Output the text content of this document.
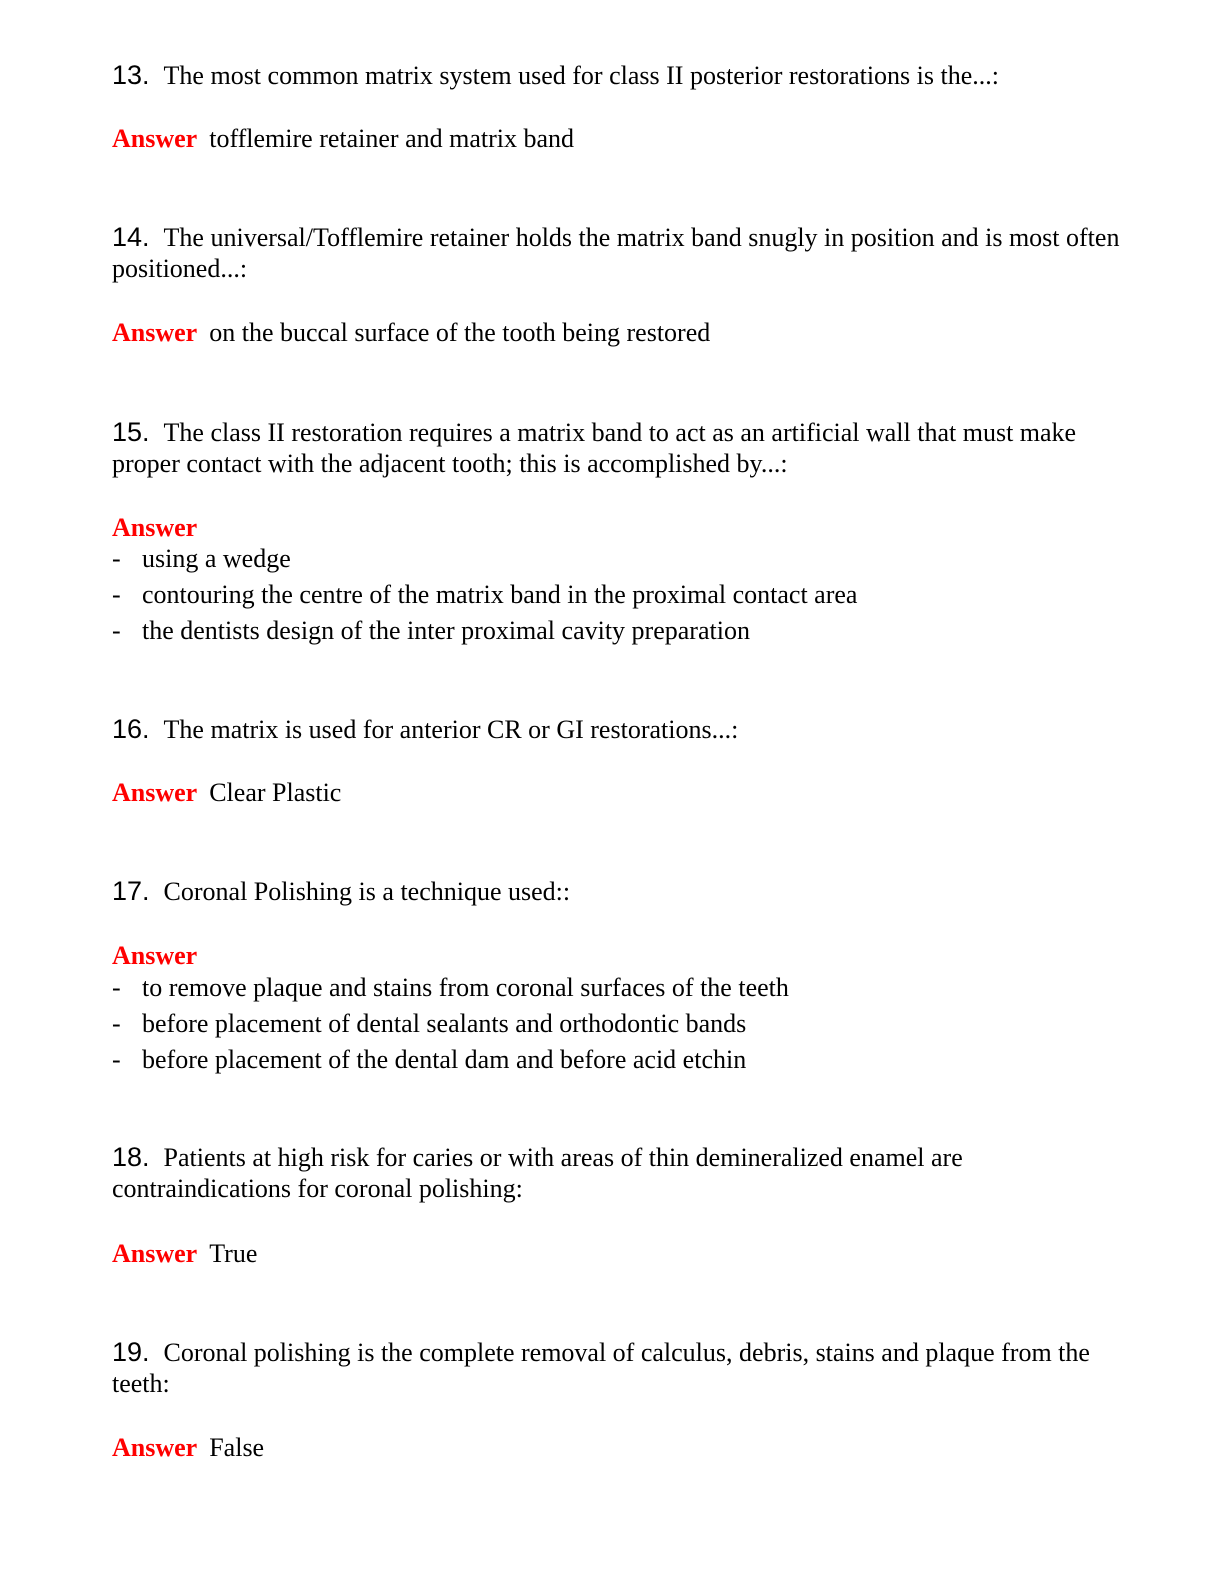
13. The most common matrix system used for class II posterior restorations is the...:

Answer tofflemire retainer and matrix band

14. The universal/Tofflemire retainer holds the matrix band snugly in position and is most often positioned...:

Answer on the buccal surface of the tooth being restored

15. The class II restoration requires a matrix band to act as an artificial wall that must make proper contact with the adjacent tooth; this is accomplished by...:

Answer

- using a wedge
- contouring the centre of the matrix band in the proximal contact area
- the dentists design of the inter proximal cavity preparation

16. The matrix is used for anterior CR or GI restorations...:

Answer Clear Plastic

17. Coronal Polishing is a technique used::

Answer

- to remove plaque and stains from coronal surfaces of the teeth
- before placement of dental sealants and orthodontic bands
- before placement of the dental dam and before acid etchin

18. Patients at high risk for caries or with areas of thin demineralized enamel are contraindications for coronal polishing:

Answer True

19. Coronal polishing is the complete removal of calculus, debris, stains and plaque from the teeth:

Answer False
